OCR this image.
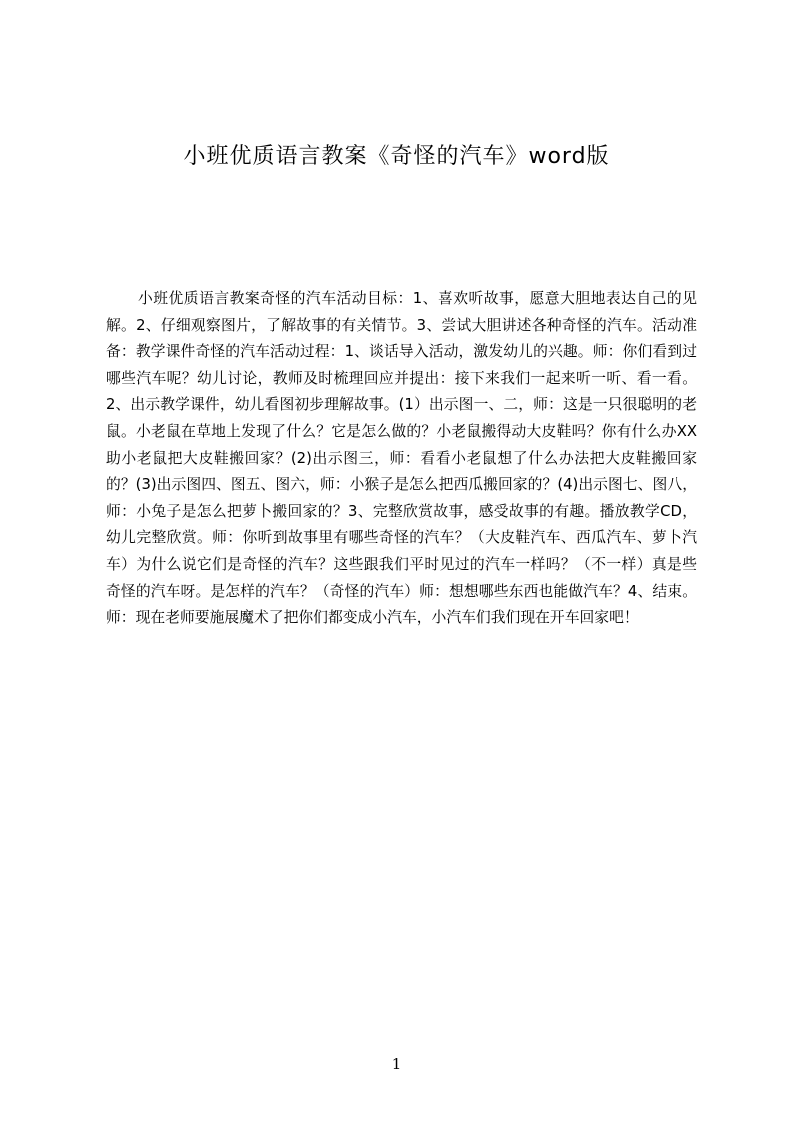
小班优质语言教案《奇怪的汽车》word版

小班优质语言教案奇怪的汽车活动目标：1、喜欢听故事，愿意大胆地表达自己的见解。2、仔细观察图片，了解故事的有关情节。3、尝试大胆讲述各种奇怪的汽车。活动准备：教学课件奇怪的汽车活动过程：1、谈话导入活动，激发幼儿的兴趣。师：你们看到过哪些汽车呢？幼儿讨论，教师及时梳理回应并提出：接下来我们一起来听一听、看一看。2、出示教学课件，幼儿看图初步理解故事。(1）出示图一、二，师：这是一只很聪明的老鼠。小老鼠在草地上发现了什么？它是怎么做的？小老鼠搬得动大皮鞋吗？你有什么办XX助小老鼠把大皮鞋搬回家？(2)出示图三，师：看看小老鼠想了什么办法把大皮鞋搬回家的？(3)出示图四、图五、图六，师：小猴子是怎么把西瓜搬回家的？(4)出示图七、图八，师：小兔子是怎么把萝卜搬回家的？3、完整欣赏故事，感受故事的有趣。播放教学CD，幼儿完整欣赏。师：你听到故事里有哪些奇怪的汽车？（大皮鞋汽车、西瓜汽车、萝卜汽车）为什么说它们是奇怪的汽车？这些跟我们平时见过的汽车一样吗？（不一样）真是些奇怪的汽车呀。是怎样的汽车？（奇怪的汽车）师：想想哪些东西也能做汽车？4、结束。师：现在老师要施展魔术了把你们都变成小汽车，小汽车们我们现在开车回家吧！

1
